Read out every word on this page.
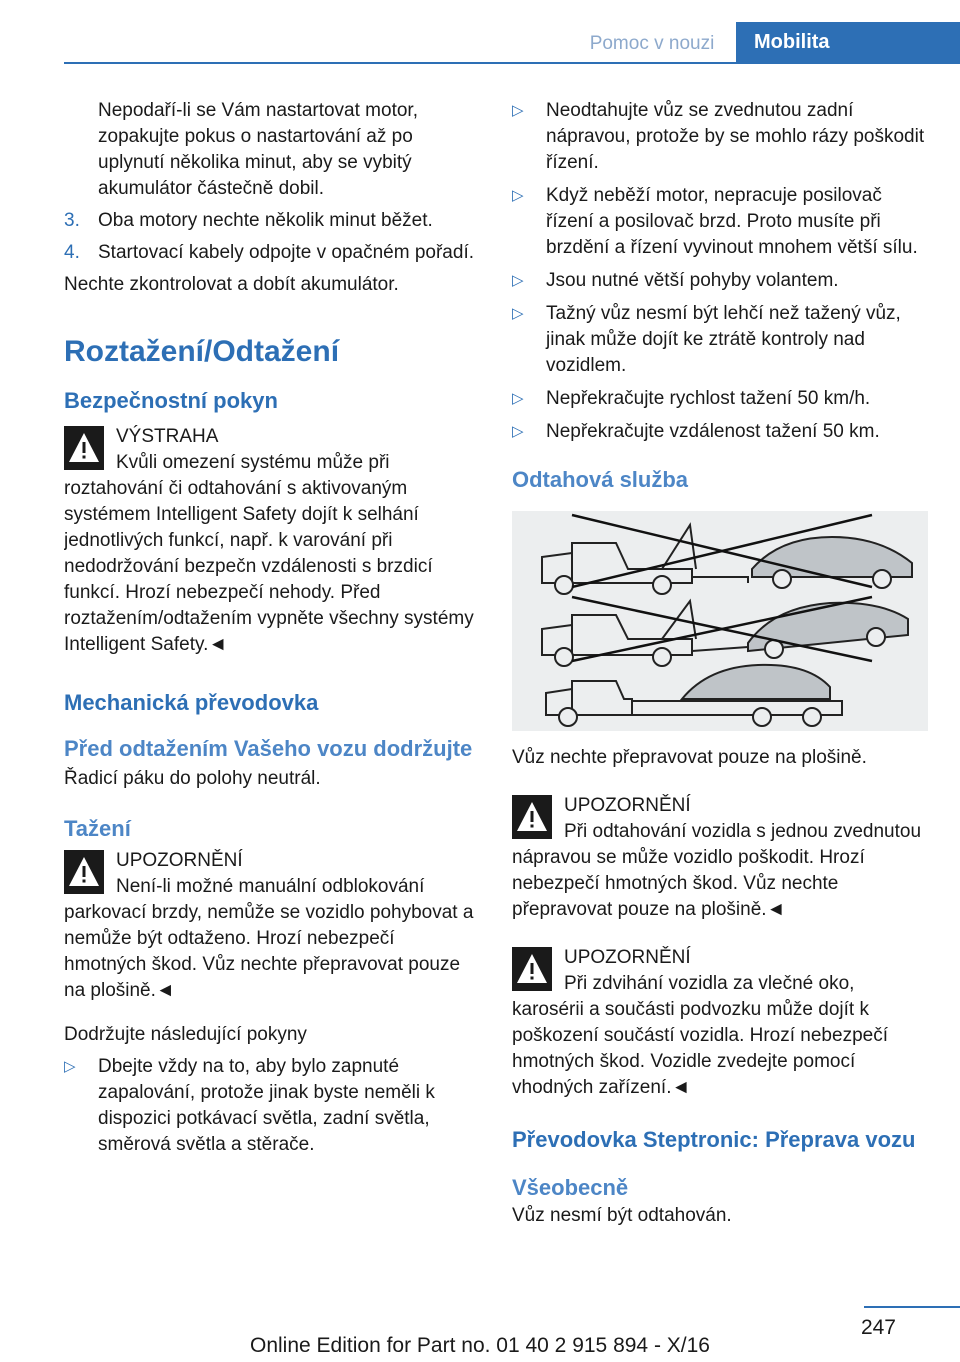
Pomoc v nouzi	Mobilita

Nepodaří-li se Vám nastartovat motor, zopakujte pokus o nastartování až po uplynutí několika minut, aby se vybitý akumulátor částečně dobil.

3. Oba motory nechte několik minut běžet.
4. Startovací kabely odpojte v opačném pořadí.

Nechte zkontrolovat a dobít akumulátor.

Roztažení/Odtažení
Bezpečnostní pokyn
VÝSTRAHA
Kvůli omezení systému může při roztahování či odtahování s aktivovaným systémem Intelligent Safety dojít k selhání jednotlivých funkcí, např. k varování při nedodržování bezpečn vzdálenosti s brzdicí funkcí. Hrozí nebezpečí nehody. Před roztažením/odtažením vypněte všechny systémy Intelligent Safety.◄
Mechanická převodovka
Před odtažením Vašeho vozu dodržujte

Řadicí páku do polohy neutrál.

Tažení
UPOZORNĚNÍ
Není-li možné manuální odblokování parkovací brzdy, nemůže se vozidlo pohybovat a nemůže být odtaženo. Hrozí nebezpečí hmotných škod. Vůz nechte přepravovat pouze na plošině.◄

Dodržujte následující pokyny

▷	Dbejte vždy na to, aby bylo zapnuté zapalování, protože jinak byste neměli k dispozici potkávací světla, zadní světla, směrová světla a stěrače.
▷	Neodtahujte vůz se zvednutou zadní nápravou, protože by se mohlo rázy poškodit řízení.
▷	Když neběží motor, nepracuje posilovač řízení a posilovač brzd. Proto musíte při brzdění a řízení vyvinout mnohem větší sílu.
▷	Jsou nutné větší pohyby volantem.
▷	Tažný vůz nesmí být lehčí než tažený vůz, jinak může dojít ke ztrátě kontroly nad vozidlem.
▷	Nepřekračujte rychlost tažení 50 km/h.
▷	Nepřekračujte vzdálenost tažení 50 km.
Odtahová služba

Vůz nechte přepravovat pouze na plošině.

UPOZORNĚNÍ
Při odtahování vozidla s jednou zvednutou nápravou se může vozidlo poškodit. Hrozí nebezpečí hmotných škod. Vůz nechte přepravovat pouze na plošině.◄
UPOZORNĚNÍ
Při zdvihání vozidla za vlečné oko, karosérii a součásti podvozku může dojít k poškození součástí vozidla. Hrozí nebezpečí hmotných škod. Vozidle zvedejte pomocí vhodných zařízení.◄
Převodovka Steptronic: Přeprava vozu
Všeobecně

Vůz nesmí být odtahován.

247
Online Edition for Part no. 01 40 2 915 894 - X/16
